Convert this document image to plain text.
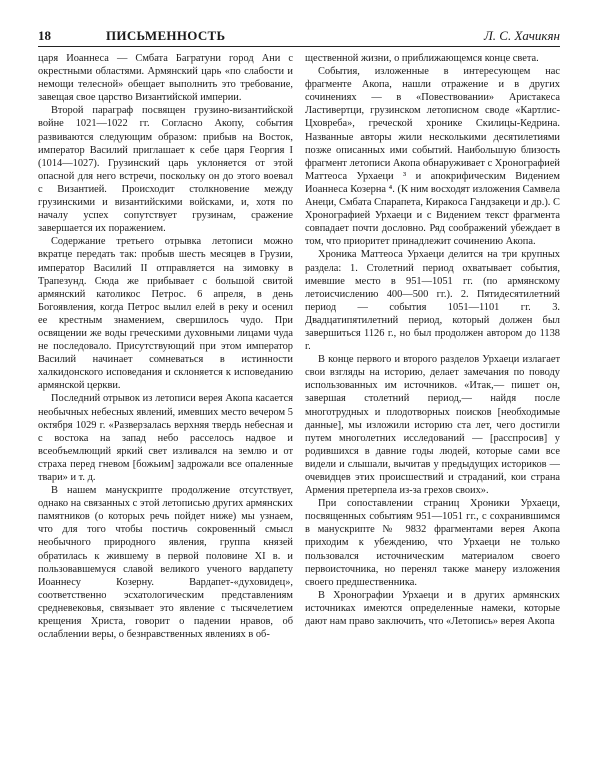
18	ПИСЬМЕННОСТЬ	Л. С. Хачикян

царя Иоаннеса — Смбата Багратуни город Ани с окрестными областями. Армянский царь «по слабости и немощи телесной» обещает выполнить это требование, завещая свое царство Византийской империи.

Второй параграф посвящен грузино-византийской войне 1021—1022 гг. Согласно Акопу, события развиваются следующим образом: прибыв на Восток, император Василий приглашает к себе царя Георгия I (1014—1027). Грузинский царь уклоняется от этой опасной для него встречи, поскольку он до этого воевал с Византией. Происходит столкновение между грузинскими и византийскими войсками, и, хотя по началу успех сопутствует грузинам, сражение завершается их поражением.

Содержание третьего отрывка летописи можно вкратце передать так: пробыв шесть месяцев в Грузии, император Василий II отправляется на зимовку в Трапезунд. Сюда же прибывает с большой свитой армянский католикос Петрос. 6 апреля, в день Богоявления, когда Петрос вылил елей в реку и осенил ее крестным знамением, свершилось чудо. При освящении же воды греческими духовными лицами чуда не последовало. Присутствующий при этом император Василий начинает сомневаться в истинности халкидонского исповедания и склоняется к исповеданию армянской церкви.

Последний отрывок из летописи верея Акопа касается необычных небесных явлений, имевших место вечером 5 октября 1029 г. «Разверзалась верхняя твердь небесная и с востока на запад небо расселось надвое и всеобъемлющий яркий свет изливался на землю и от страха перед гневом [божьим] задрожали все опаленные твари» и т. д.

В нашем манускрипте продолжение отсутствует, однако на связанных с этой летописью других армянских памятников (о которых речь пойдет ниже) мы узнаем, что для того чтобы постичь сокровенный смысл необычного природного явления, группа князей обратилась к жившему в первой половине XI в. и пользовавшемуся славой великого ученого вардапету Иоаннесу Козерну. Вардапет-«духовидец», соответственно эсхатологическим представлениям средневековья, связывает это явление с тысячелетием крещения Христа, говорит о падении нравов, об ослаблении веры, о безнравственных явлениях в об-

щественной жизни, о приближающемся конце света.

События, изложенные в интересующем нас фрагменте Акопа, нашли отражение и в других сочинениях — в «Повествовании» Аристакеса Ластивертци, грузинском летописном своде «Картлис-Цховреба», греческой хронике Скилицы-Кедрина. Названные авторы жили несколькими десятилетиями позже описанных ими событий. Наибольшую близость фрагмент летописи Акопа обнаруживает с Хронографией Маттеоса Урхаеци ³ и апокрифическим Видением Иоаннеса Козерна ⁴. (К ним восходят изложения Самвела Анеци, Смбата Спарапета, Киракоса Гандзакеци и др.). С Хронографией Урхаеци и с Видением текст фрагмента совпадает почти дословно. Ряд соображений убеждает в том, что приоритет принадлежит сочинению Акопа.

Хроника Маттеоса Урхаеци делится на три крупных раздела: 1. Столетний период охватывает события, имевшие место в 951—1051 гг. (по армянскому летоисчислению 400—500 гг.). 2. Пятидесятилетний период — события 1051—1101 гг. 3. Двадцатипятилетний период, который должен был завершиться 1126 г., но был продолжен автором до 1138 г.

В конце первого и второго разделов Урхаеци излагает свои взгляды на историю, делает замечания по поводу использованных им источников. «Итак,— пишет он, завершая столетний период,— найдя после многотрудных и плодотворных поисков [необходимые данные], мы изложили историю ста лет, чего достигли путем многолетних исследований — [расспросив] у родившихся в давние годы людей, которые сами все видели и слышали, вычитав у предыдущих историков — очевидцев этих происшествий и страданий, кои страна Армения претерпела из-за грехов своих».

При сопоставлении страниц Хроники Урхаеци, посвященных событиям 951—1051 гг., с сохранившимся в манускрипте № 9832 фрагментами верея Акопа приходим к убеждению, что Урхаеци не только пользовался источническим материалом своего первоисточника, но перенял также манеру изложения своего предшественника.

В Хронографии Урхаеци и в других армянских источниках имеются определенные намеки, которые дают нам право заключить, что «Летопись» верея Акопа
